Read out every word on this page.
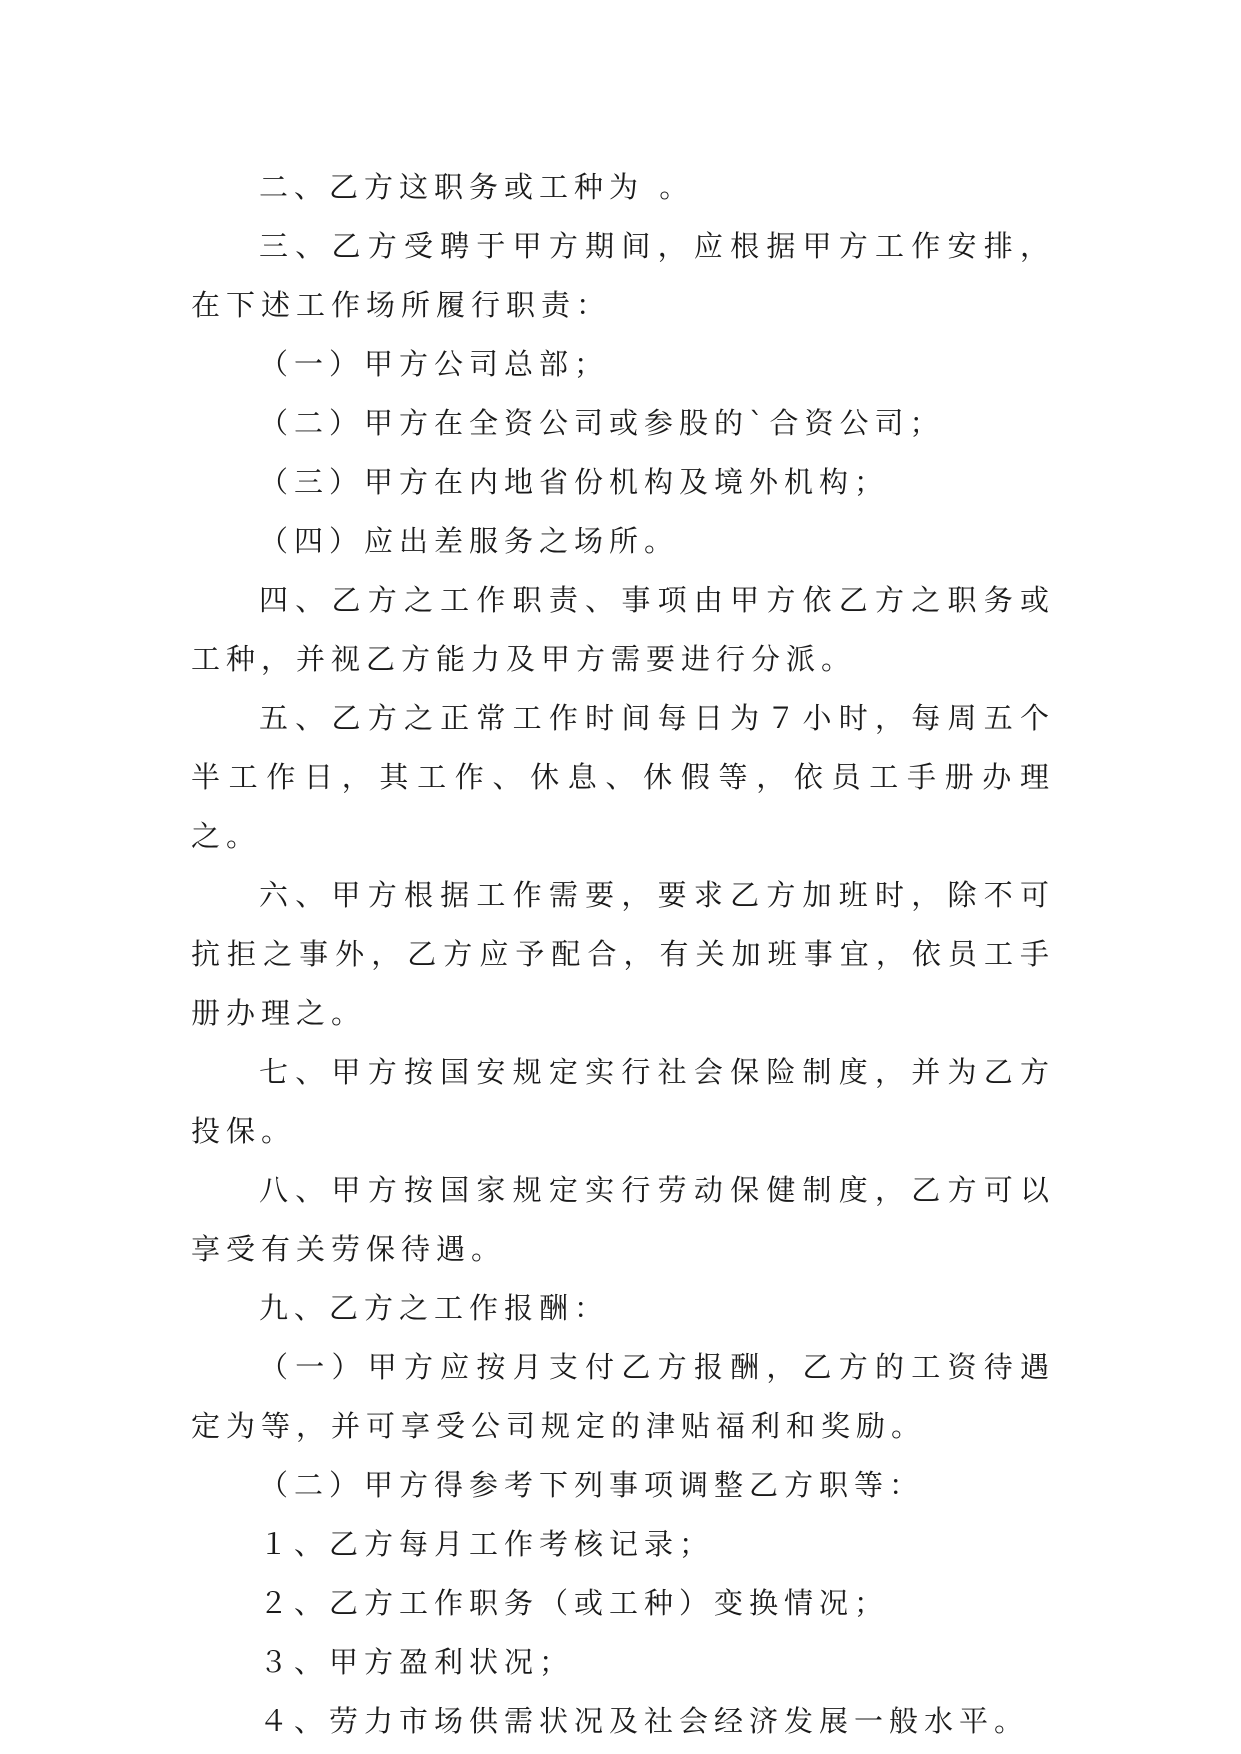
二、乙方这职务或工种为 。

三、乙方受聘于甲方期间，应根据甲方工作安排，在下述工作场所履行职责：

（一）甲方公司总部；

（二）甲方在全资公司或参股的`合资公司；

（三）甲方在内地省份机构及境外机构；

（四）应出差服务之场所。

四、乙方之工作职责、事项由甲方依乙方之职务或工种，并视乙方能力及甲方需要进行分派。

五、乙方之正常工作时间每日为７小时，每周五个半工作日，其工作、休息、休假等，依员工手册办理之。

六、甲方根据工作需要，要求乙方加班时，除不可抗拒之事外，乙方应予配合，有关加班事宜，依员工手册办理之。

七、甲方按国安规定实行社会保险制度，并为乙方投保。

八、甲方按国家规定实行劳动保健制度，乙方可以享受有关劳保待遇。

九、乙方之工作报酬：

（一）甲方应按月支付乙方报酬，乙方的工资待遇定为等，并可享受公司规定的津贴福利和奖励。

（二）甲方得参考下列事项调整乙方职等：

１、乙方每月工作考核记录；

２、乙方工作职务（或工种）变换情况；

３、甲方盈利状况；

４、劳力市场供需状况及社会经济发展一般水平。
